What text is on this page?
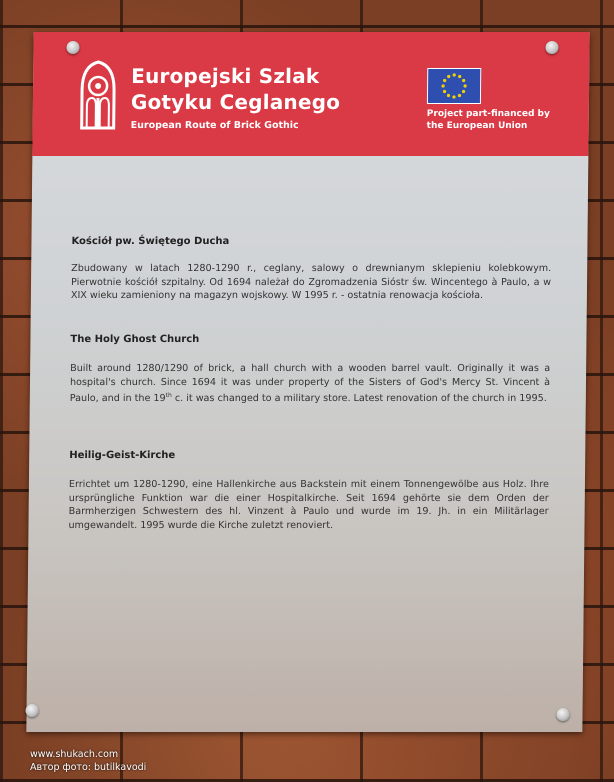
Europejski Szlak
Gotyku Ceglanego
European Route of Brick Gothic
Project part-financed by
the European Union
Kościół pw. Świętego Ducha
Zbudowany w latach 1280-1290 r., ceglany, salowy o drewnianym sklepieniu kolebkowym. Pierwotnie kościół szpitalny. Od 1694 należał do Zgromadzenia Sióstr św. Wincentego à Paulo, a w XIX wieku zamieniony na magazyn wojskowy. W 1995 r. - ostatnia renowacja kościoła.
The Holy Ghost Church
Built around 1280/1290 of brick, a hall church with a wooden barrel vault. Originally it was a hospital's church. Since 1694 it was under property of the Sisters of God's Mercy St. Vincent à Paulo, and in the 19th c. it was changed to a military store. Latest renovation of the church in 1995.
Heilig-Geist-Kirche
Errichtet um 1280-1290, eine Hallenkirche aus Backstein mit einem Tonnengewölbe aus Holz. Ihre ursprüngliche Funktion war die einer Hospitalkirche. Seit 1694 gehörte sie dem Orden der Barmherzigen Schwestern des hl. Vinzent à Paulo und wurde im 19. Jh. in ein Militärlager umgewandelt. 1995 wurde die Kirche zuletzt renoviert.
www.shukach.com
Автор фото: butilkavodi
